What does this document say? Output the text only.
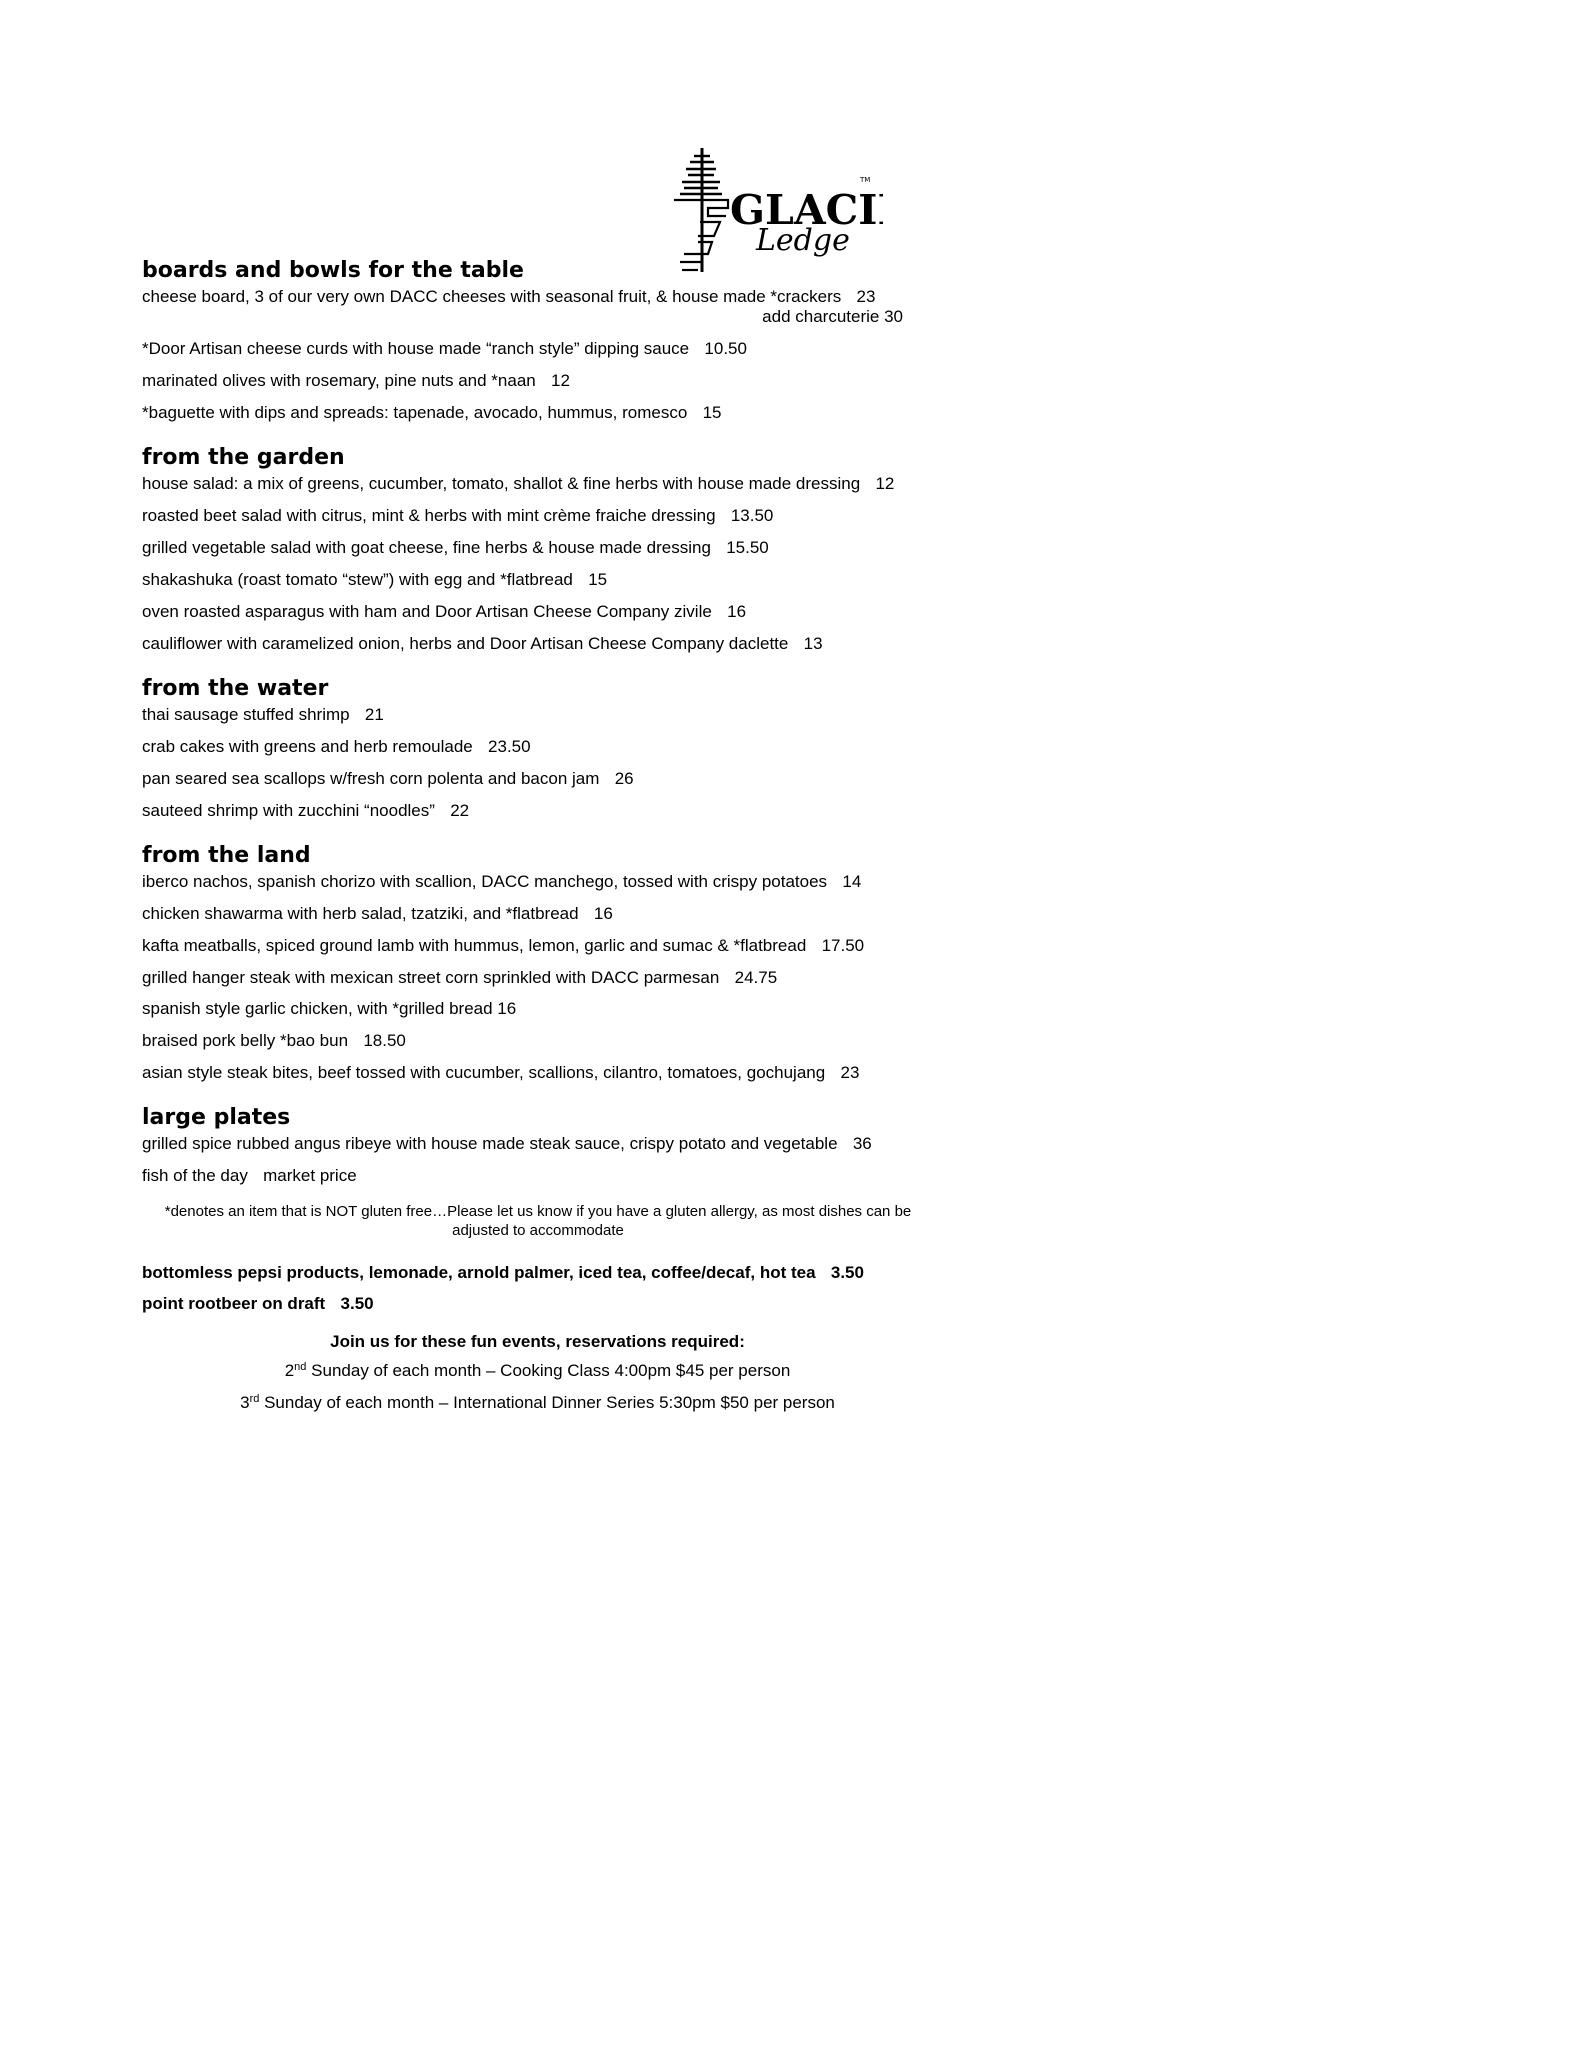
GLACI
TM
Ledge
boards and bowls for the table
cheese board, 3 of our very own DACC cheeses with seasonal fruit, & house made *crackers 23
add charcuterie 30
*Door Artisan cheese curds with house made “ranch style” dipping sauce 10.50
marinated olives with rosemary, pine nuts and *naan 12
*baguette with dips and spreads: tapenade, avocado, hummus, romesco 15
from the garden
house salad: a mix of greens, cucumber, tomato, shallot & fine herbs with house made dressing 12
roasted beet salad with citrus, mint & herbs with mint crème fraiche dressing 13.50
grilled vegetable salad with goat cheese, fine herbs & house made dressing 15.50
shakashuka (roast tomato “stew”) with egg and *flatbread 15
oven roasted asparagus with ham and Door Artisan Cheese Company zivile 16
cauliflower with caramelized onion, herbs and Door Artisan Cheese Company daclette 13
from the water
thai sausage stuffed shrimp 21
crab cakes with greens and herb remoulade 23.50
pan seared sea scallops w/fresh corn polenta and bacon jam 26
sauteed shrimp with zucchini “noodles” 22
from the land
iberco nachos, spanish chorizo with scallion, DACC manchego, tossed with crispy potatoes 14
chicken shawarma with herb salad, tzatziki, and *flatbread 16
kafta meatballs, spiced ground lamb with hummus, lemon, garlic and sumac & *flatbread 17.50
grilled hanger steak with mexican street corn sprinkled with DACC parmesan 24.75
spanish style garlic chicken, with *grilled bread 16
braised pork belly *bao bun 18.50
asian style steak bites, beef tossed with cucumber, scallions, cilantro, tomatoes, gochujang 23
large plates
grilled spice rubbed angus ribeye with house made steak sauce, crispy potato and vegetable 36
fish of the day market price
*denotes an item that is NOT gluten free…Please let us know if you have a gluten allergy, as most dishes can be adjusted to accommodate
bottomless pepsi products, lemonade, arnold palmer, iced tea, coffee/decaf, hot tea 3.50
point rootbeer on draft 3.50
Join us for these fun events, reservations required:
2nd Sunday of each month – Cooking Class 4:00pm $45 per person
3rd Sunday of each month – International Dinner Series 5:30pm $50 per person
